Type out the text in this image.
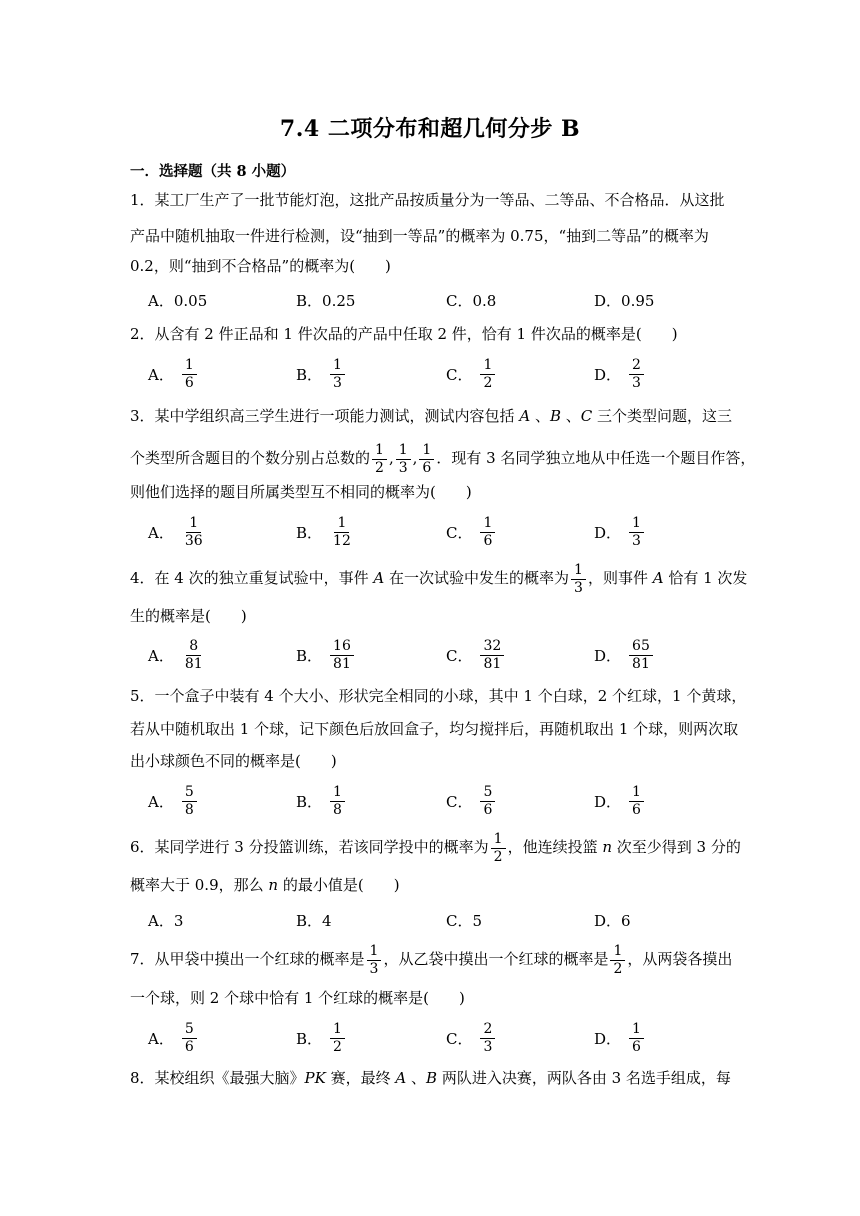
7.4 二项分布和超几何分步 B
一．选择题（共 8 小题）
1．某工厂生产了一批节能灯泡，这批产品按质量分为一等品、二等品、不合格品．从这批
产品中随机抽取一件进行检测，设“抽到一等品”的概率为 0.75，“抽到二等品”的概率为
0.2，则“抽到不合格品”的概率为(　　)
A．0.05	B．0.25	C．0.8	D．0.95
2．从含有 2 件正品和 1 件次品的产品中任取 2 件，恰有 1 件次品的概率是(　　)
A． $\frac{1}{6}$	B． $\frac{1}{3}$	C． $\frac{1}{2}$	D． $\frac{2}{3}$
3．某中学组织高三学生进行一项能力测试，测试内容包括 A 、B 、C 三个类型问题，这三
个类型所含题目的个数分别占总数的 $\frac{1}{2}$ , $\frac{1}{3}$ , $\frac{1}{6}$ ．现有 3 名同学独立地从中任选一个题目作答，
则他们选择的题目所属类型互不相同的概率为(　　)
A． $\frac{1}{36}$	B． $\frac{1}{12}$	C． $\frac{1}{6}$	D． $\frac{1}{3}$
4．在 4 次的独立重复试验中，事件 A 在一次试验中发生的概率为 $\frac{1}{3}$ ，则事件 A 恰有 1 次发
生的概率是(　　)
A． $\frac{8}{81}$	B． $\frac{16}{81}$	C． $\frac{32}{81}$	D． $\frac{65}{81}$
5．一个盒子中装有 4 个大小、形状完全相同的小球，其中 1 个白球，2 个红球，1 个黄球，
若从中随机取出 1 个球，记下颜色后放回盒子，均匀搅拌后，再随机取出 1 个球，则两次取
出小球颜色不同的概率是(　　)
A． $\frac{5}{8}$	B． $\frac{1}{8}$	C． $\frac{5}{6}$	D． $\frac{1}{6}$
6．某同学进行 3 分投篮训练，若该同学投中的概率为 $\frac{1}{2}$ ，他连续投篮 n 次至少得到 3 分的
概率大于 0.9，那么 n 的最小值是(　　)
A．3	B．4	C．5	D．6
7．从甲袋中摸出一个红球的概率是 $\frac{1}{3}$ ，从乙袋中摸出一个红球的概率是 $\frac{1}{2}$ ，从两袋各摸出
一个球，则 2 个球中恰有 1 个红球的概率是(　　)
A． $\frac{5}{6}$	B． $\frac{1}{2}$	C． $\frac{2}{3}$	D． $\frac{1}{6}$
8．某校组织《最强大脑》PK 赛，最终 A 、B 两队进入决赛，两队各由 3 名选手组成，每
